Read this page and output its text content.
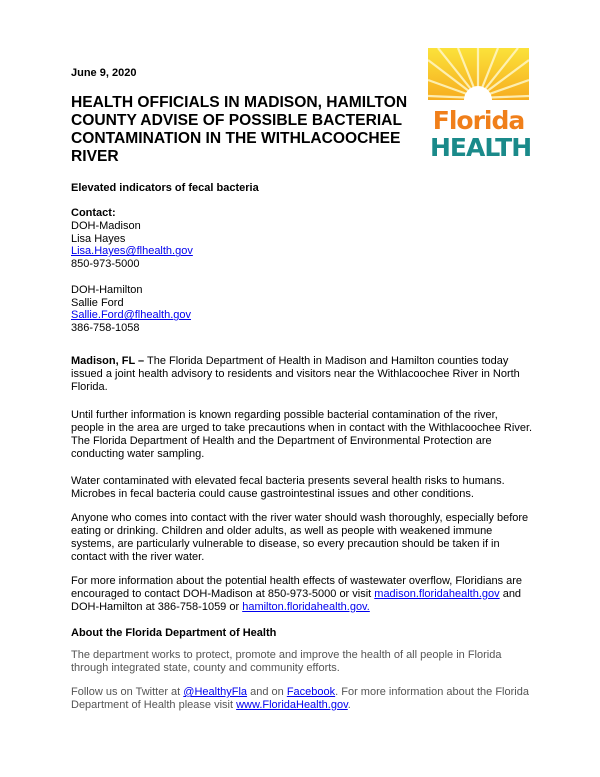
Florida
HEALTH
June 9, 2020
HEALTH OFFICIALS IN MADISON, HAMILTON COUNTY ADVISE OF POSSIBLE BACTERIAL CONTAMINATION IN THE WITHLACOOCHEE RIVER
Elevated indicators of fecal bacteria
Contact:
DOH-Madison
Lisa Hayes
Lisa.Hayes@flhealth.gov
850-973-5000
DOH-Hamilton
Sallie Ford
Sallie.Ford@flhealth.gov
386-758-1058

Madison, FL – The Florida Department of Health in Madison and Hamilton counties today issued a joint health advisory to residents and visitors near the Withlacoochee River in North Florida.

Until further information is known regarding possible bacterial contamination of the river, people in the area are urged to take precautions when in contact with the Withlacoochee River. The Florida Department of Health and the Department of Environmental Protection are conducting water sampling.

Water contaminated with elevated fecal bacteria presents several health risks to humans. Microbes in fecal bacteria could cause gastrointestinal issues and other conditions.

Anyone who comes into contact with the river water should wash thoroughly, especially before eating or drinking. Children and older adults, as well as people with weakened immune systems, are particularly vulnerable to disease, so every precaution should be taken if in contact with the river water.

For more information about the potential health effects of wastewater overflow, Floridians are encouraged to contact DOH-Madison at 850-973-5000 or visit madison.floridahealth.gov and DOH-Hamilton at 386-758-1059 or hamilton.floridahealth.gov.

About the Florida Department of Health

The department works to protect, promote and improve the health of all people in Florida through integrated state, county and community efforts.

Follow us on Twitter at @HealthyFla and on Facebook. For more information about the Florida Department of Health please visit www.FloridaHealth.gov.
